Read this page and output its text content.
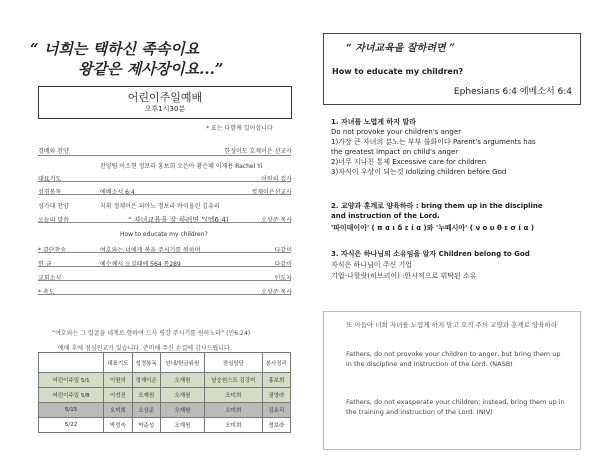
“ 너희는 택하신 족속이요
왕같은 제사장이요...”
어린이주일예배
오후1시30분
* 표는 다함께 일어섭니다
경배와 찬양	한성이도 호재이은 선교사
찬양팀 이소현 정보라 홍보희 오은아 황은혜 이재용 Rachel Yi
대표기도	이원의 집사
성경봉독	에베소서 6:4	정재이은선교사
성가대 찬양	지휘 정재이은 피아노 정보라 바이올린 김유리
오늘의 말씀	“ 자녀교육을 잘 하려면 ”(엡6:4)	오상준 목사
How to educate my children?
* 결단찬송	여호와는 너에게 복을 주시기를 원하며	다같이
헌 금	예수께서 오실때에 564 통289	다같이
교회소식	인도자
* 축도	오상준 목사
“여호와는 그 얼굴을 네게로 향하여 드사 평강 주시기를 원하노라” (민6:24)
예배 후에 점심친교가 있습니다. 준비해 주신 손길에 감사드립니다.
예배담당	대표기도	성경봉독	안내/헌금위원	점심담당	봉사정리
어린이주일 5/1	이원의	정재이은	오재원	남숭원스트 김강미	홍보희
어린이주일 5/8	이성진	오재원	오재원	오미희	권영라
5/15	오미희	오상준	오재원	오미희	김유리
5/22	박정숙	박준성	오재원	오미희	정보라
“ 자녀교육을 잘하려면 ”
How to educate my children?
Ephesians 6:4 에베소서 6:4
1. 자녀를 노엽게 하지 말라
Do not provoke your children's anger
1)가장 큰 자녀의 분노는 부부 불화이다 Parent's arguments has
the greatest impact on child's anger
2)너무 지나친 통제 Excessive care for children
3)자식이 우상이 되는것 Idolizing children before God
2. 교양과 훈계로 양육하라 : bring them up in the discipline
and instruction of the Lord.
'파이데이아' ( π α ι δ ε ί α )와 '누떼시아' ( ν ο υ θ ε σ ί α )
3. 자식은 하나님의 소유임을 알자 Children belong to God
자식은 하나님이 주신 기업
기업-나할랏(히브리어) :한시적으로 위탁된 소유

또 아들아 너희 자녀를 노엽게 하지 말고 오직 주의 교양과 훈계로 양육하라

Fathers, do not provoke your children to anger, but bring them up in the discipline and instruction of the Lord. (NASB)

Fathers, do not exasperate your children; instead, bring them up in the training and instruction of the Lord. (NIV)
